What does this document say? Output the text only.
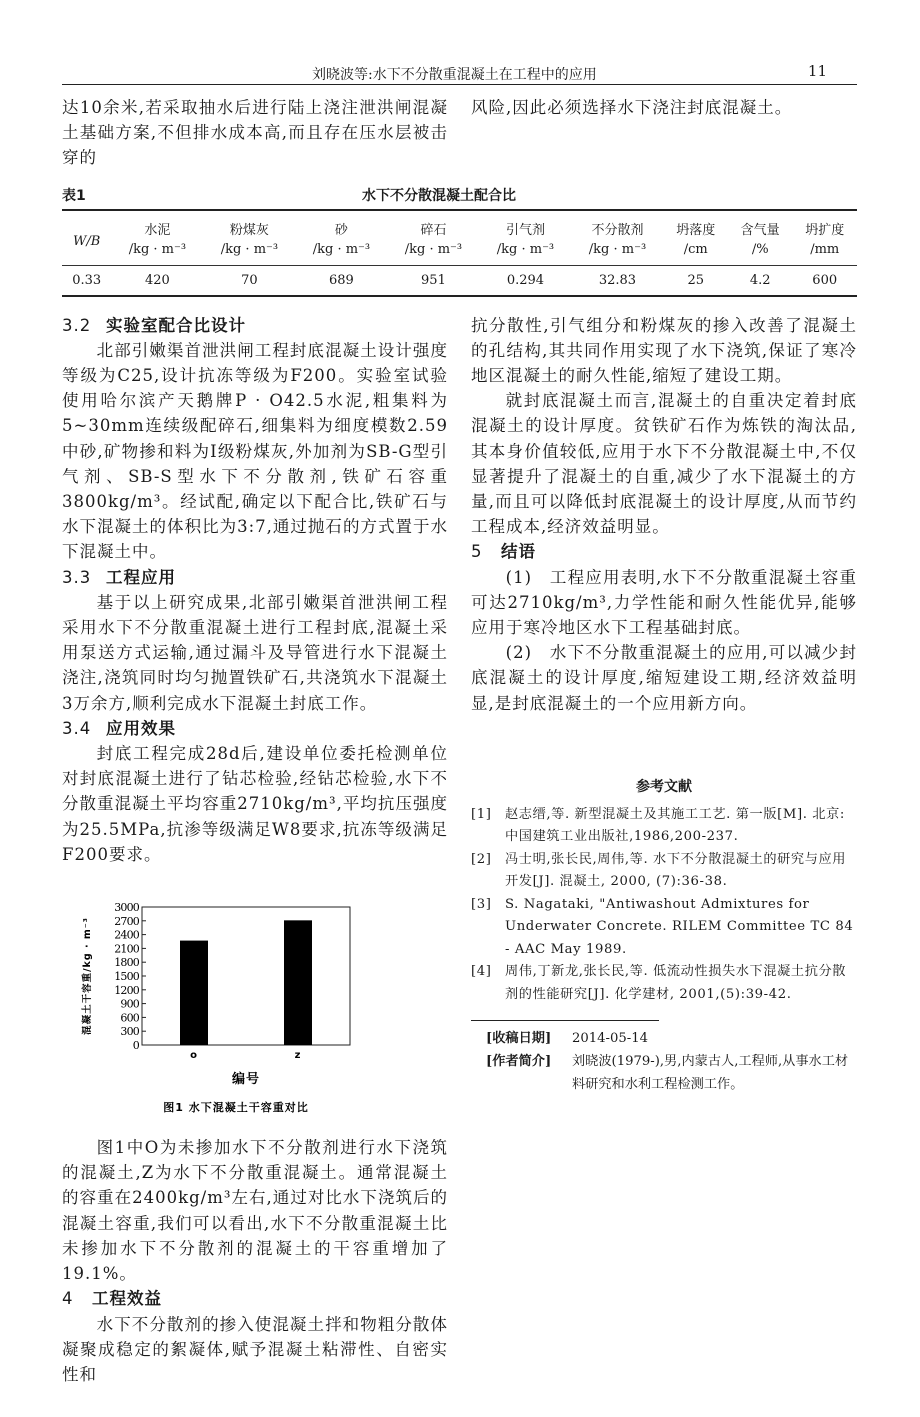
刘晓波等:水下不分散重混凝土在工程中的应用	11
达10余米,若采取抽水后进行陆上浇注泄洪闸混凝土基础方案,不但排水成本高,而且存在压水层被击穿的
风险,因此必须选择水下浇注封底混凝土。
表1	水下不分散混凝土配合比
W/B	水泥	粉煤灰	砂	碎石	引气剂	不分散剂	坍落度	含气量	坍扩度
	/kg · m⁻³	/kg · m⁻³	/kg · m⁻³	/kg · m⁻³	/kg · m⁻³	/kg · m⁻³	/cm	/%	/mm
0.33	420	70	689	951	0.294	32.83	25	4.2	600
3.2 实验室配合比设计

北部引嫩渠首泄洪闸工程封底混凝土设计强度等级为C25,设计抗冻等级为F200。实验室试验使用哈尔滨产天鹅牌P · O42.5水泥,粗集料为5~30mm连续级配碎石,细集料为细度模数2.59中砂,矿物掺和料为I级粉煤灰,外加剂为SB-G型引气剂、SB-S型水下不分散剂,铁矿石容重3800kg/m³。经试配,确定以下配合比,铁矿石与水下混凝土的体积比为3:7,通过抛石的方式置于水下混凝土中。

3.3 工程应用

基于以上研究成果,北部引嫩渠首泄洪闸工程采用水下不分散重混凝土进行工程封底,混凝土采用泵送方式运输,通过漏斗及导管进行水下混凝土浇注,浇筑同时均匀抛置铁矿石,共浇筑水下混凝土3万余方,顺利完成水下混凝土封底工作。

3.4 应用效果

封底工程完成28d后,建设单位委托检测单位对封底混凝土进行了钻芯检验,经钻芯检验,水下不分散重混凝土平均容重2710kg/m³,平均抗压强度为25.5MPa,抗渗等级满足W8要求,抗冻等级满足F200要求。

0
300
600
900
1200
1500
1800
2100
2400
2700
3000
o	z
编号
图1 水下混凝土干容重对比
混凝土干容重/kg · m⁻³

图1中O为未掺加水下不分散剂进行水下浇筑的混凝土,Z为水下不分散重混凝土。通常混凝土的容重在2400kg/m³左右,通过对比水下浇筑后的混凝土容重,我们可以看出,水下不分散重混凝土比未掺加水下不分散剂的混凝土的干容重增加了19.1%。

4 工程效益

水下不分散剂的掺入使混凝土拌和物粗分散体凝聚成稳定的絮凝体,赋予混凝土粘滞性、自密实性和

抗分散性,引气组分和粉煤灰的掺入改善了混凝土的孔结构,其共同作用实现了水下浇筑,保证了寒冷地区混凝土的耐久性能,缩短了建设工期。

就封底混凝土而言,混凝土的自重决定着封底混凝土的设计厚度。贫铁矿石作为炼铁的淘汰品,其本身价值较低,应用于水下不分散混凝土中,不仅显著提升了混凝土的自重,减少了水下混凝土的方量,而且可以降低封底混凝土的设计厚度,从而节约工程成本,经济效益明显。

5 结语

(1)　工程应用表明,水下不分散重混凝土容重可达2710kg/m³,力学性能和耐久性能优异,能够应用于寒冷地区水下工程基础封底。

(2)　水下不分散重混凝土的应用,可以减少封底混凝土的设计厚度,缩短建设工期,经济效益明显,是封底混凝土的一个应用新方向。

参考文献
[1]	赵志缙,等. 新型混凝土及其施工工艺. 第一版[M]. 北京:中国建筑工业出版社,1986,200-237.
[2]	冯士明,张长民,周伟,等. 水下不分散混凝土的研究与应用开发[J]. 混凝土, 2000, (7):36-38.
[3]	S. Nagataki, "Antiwashout Admixtures for Underwater Concrete. RILEM Committee TC 84 - AAC May 1989.
[4]	周伟,丁新龙,张长民,等. 低流动性损失水下混凝土抗分散剂的性能研究[J]. 化学建材, 2001,(5):39-42.
[收稿日期]	2014-05-14
[作者简介]	刘晓波(1979-),男,内蒙古人,工程师,从事水工材料研究和水利工程检测工作。
